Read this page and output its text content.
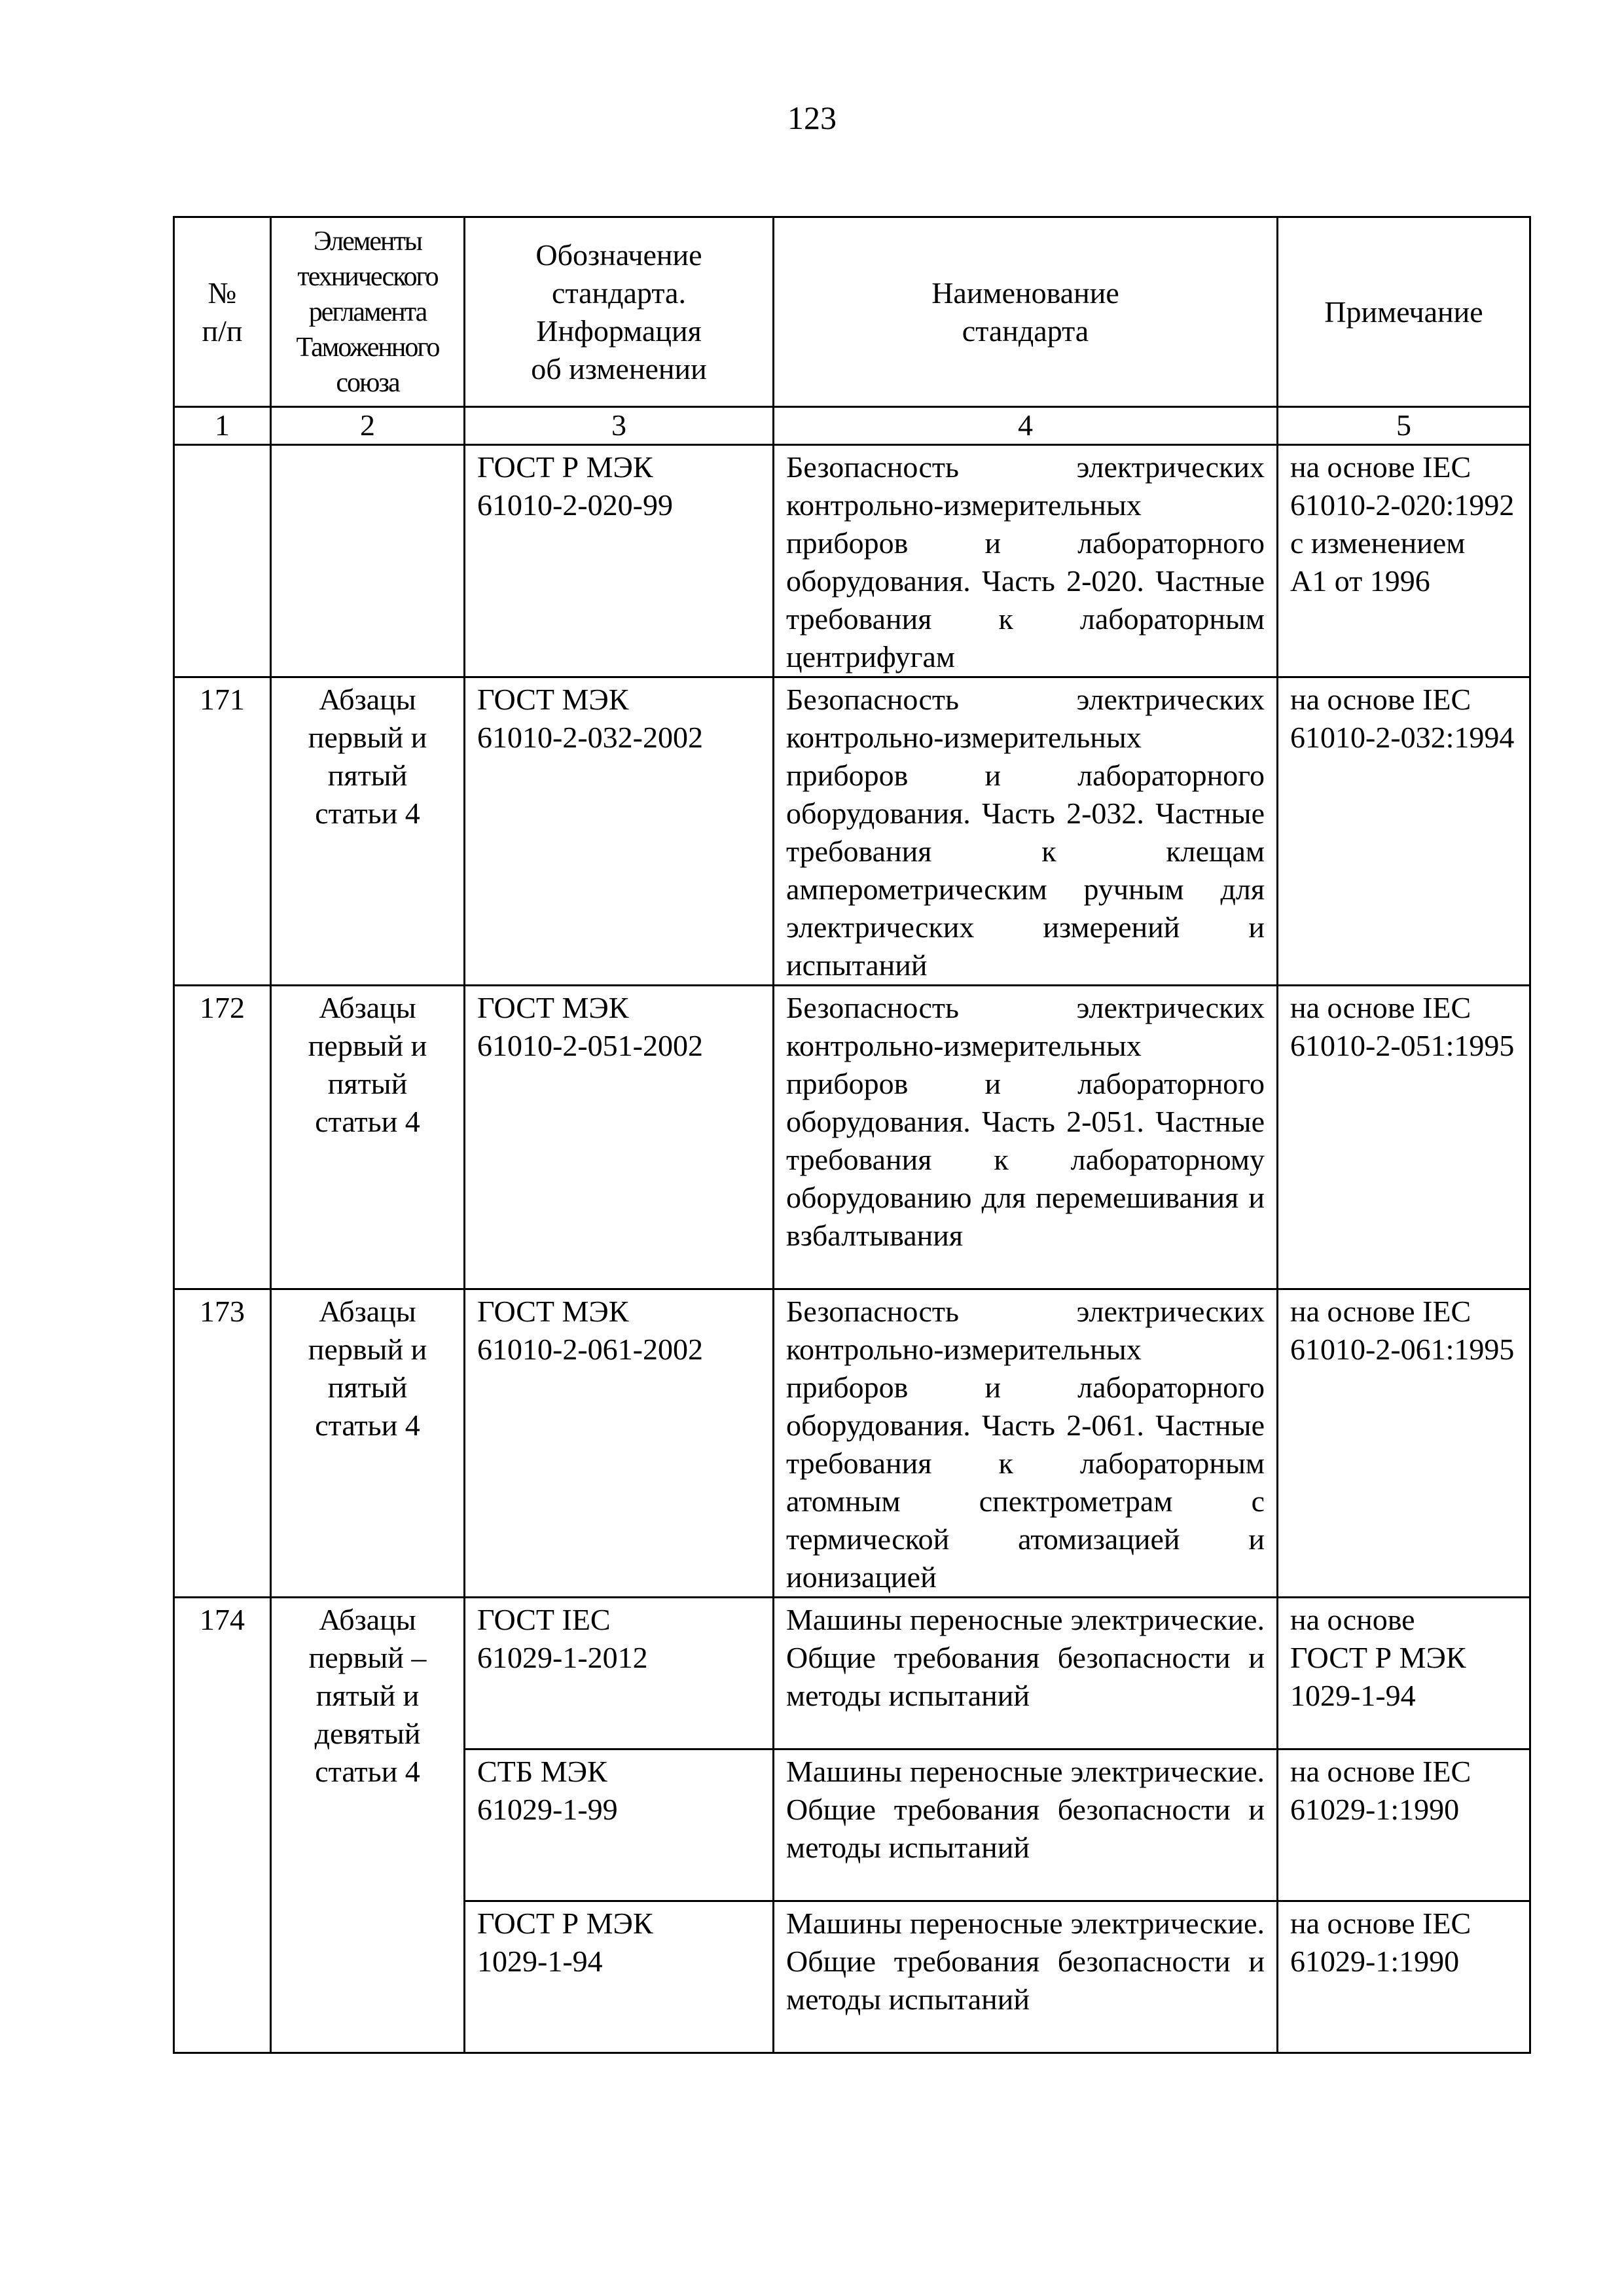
123
№
п/п	Элементы
технического
регламента
Таможенного
союза	Обозначение
стандарта.
Информация
об изменении	Наименование
стандарта	Примечание
1	2	3	4	5
		ГОСТ Р МЭК
61010-2-020-99	Безопасность электрических контрольно-измерительных приборов и лабораторного оборудования. Часть 2-020. Частные требования к лабораторным центрифугам	на основе IEC
61010-2-020:1992
с изменением
А1 от 1996
171	Абзацы
первый и
пятый
статьи 4	ГОСТ МЭК
61010-2-032-2002	Безопасность электрических контрольно-измерительных приборов и лабораторного оборудования. Часть 2-032. Частные требования к клещам амперометрическим ручным для электрических измерений и испытаний	на основе IEC
61010-2-032:1994
172	Абзацы
первый и
пятый
статьи 4	ГОСТ МЭК
61010-2-051-2002	Безопасность электрических контрольно-измерительных приборов и лабораторного оборудования. Часть 2-051. Частные требования к лабораторному оборудованию для перемешивания и взбалтывания	на основе IEC
61010-2-051:1995
173	Абзацы
первый и
пятый
статьи 4	ГОСТ МЭК
61010-2-061-2002	Безопасность электрических контрольно-измерительных приборов и лабораторного оборудования. Часть 2-061. Частные требования к лабораторным атомным спектрометрам с термической атомизацией и ионизацией	на основе IEC
61010-2-061:1995
174	Абзацы
первый –
пятый и
девятый
статьи 4	ГОСТ IEC
61029-1-2012	Машины переносные электрические. Общие требования безопасности и методы испытаний	на основе
ГОСТ Р МЭК
1029-1-94
		СТБ МЭК
61029-1-99	Машины переносные электрические. Общие требования безопасности и методы испытаний	на основе IEC
61029-1:1990
		ГОСТ Р МЭК
1029-1-94	Машины переносные электрические. Общие требования безопасности и методы испытаний	на основе IEC
61029-1:1990
